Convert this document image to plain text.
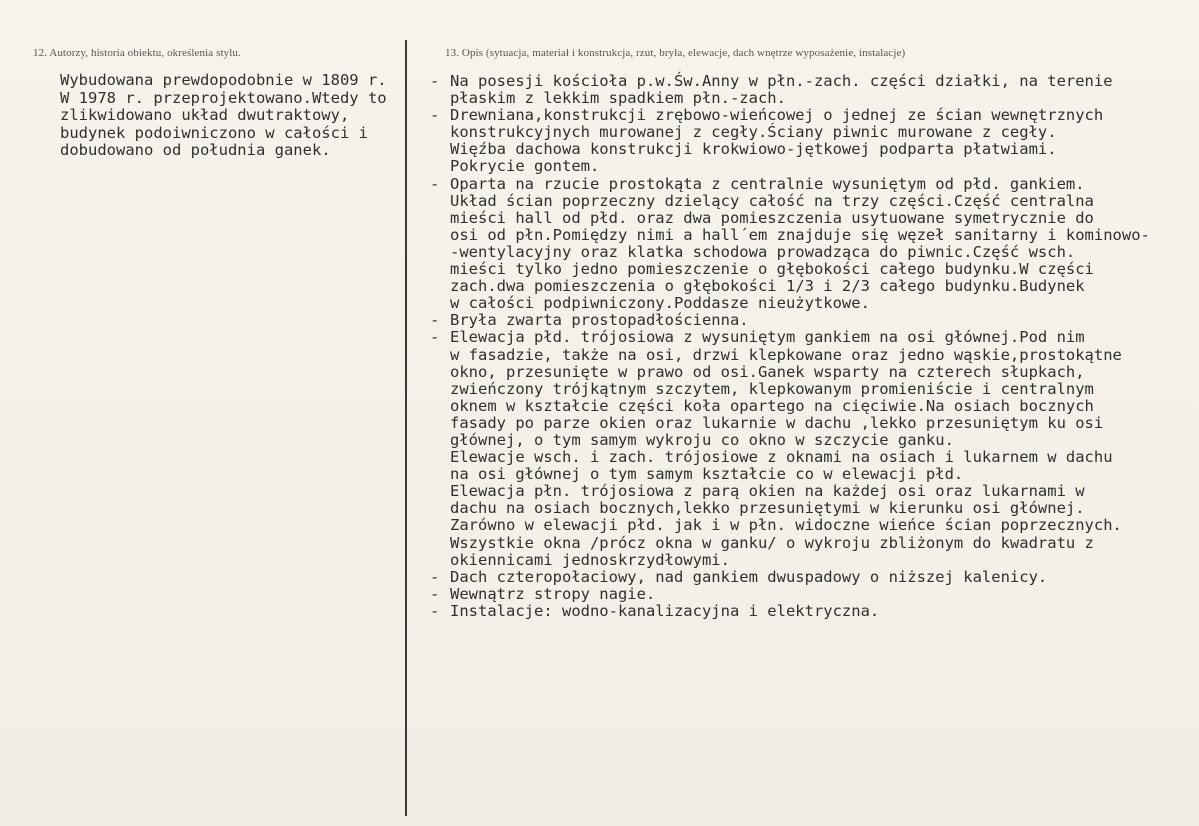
12. Autorzy, historia obiektu, określenia stylu.	13. Opis (sytuacja, materiał i konstrukcja, rzut, bryła, elewacje, dach wnętrze wyposażenie, instalacje)
Wybudowana prewdopodobnie w 1809 r.
W 1978 r. przeprojektowano.Wtedy to
zlikwidowano układ dwutraktowy,
budynek podoiwniczono w całości i
dobudowano od południa ganek.
- Na posesji kościoła p.w.Św.Anny w płn.-zach. części działki, na terenie
płaskim z lekkim spadkiem płn.-zach.
- Drewniana,konstrukcji zrębowo-wieńcowej o jednej ze ścian wewnętrznych
konstrukcyjnych murowanej z cegły.Ściany piwnic murowane z cegły.
Więźba dachowa konstrukcji krokwiowo-jętkowej podparta płatwiami.
Pokrycie gontem.
- Oparta na rzucie prostokąta z centralnie wysuniętym od płd. gankiem.
Układ ścian poprzeczny dzielący całość na trzy części.Część centralna
mieści hall od płd. oraz dwa pomieszczenia usytuowane symetrycznie do
osi od płn.Pomiędzy nimi a hall´em znajduje się węzeł sanitarny i kominowo-
-wentylacyjny oraz klatka schodowa prowadząca do piwnic.Część wsch.
mieści tylko jedno pomieszczenie o głębokości całego budynku.W części
zach.dwa pomieszczenia o głębokości 1/3 i 2/3 całego budynku.Budynek
w całości podpiwniczony.Poddasze nieużytkowe.
- Bryła zwarta prostopadłościenna.
- Elewacja płd. trójosiowa z wysuniętym gankiem na osi głównej.Pod nim
w fasadzie, także na osi, drzwi klepkowane oraz jedno wąskie,prostokątne
okno, przesunięte w prawo od osi.Ganek wsparty na czterech słupkach,
zwieńczony trójkątnym szczytem, klepkowanym promieniście i centralnym
oknem w kształcie części koła opartego na cięciwie.Na osiach bocznych
fasady po parze okien oraz lukarnie w dachu ,lekko przesuniętym ku osi
głównej, o tym samym wykroju co okno w szczycie ganku.
Elewacje wsch. i zach. trójosiowe z oknami na osiach i lukarnem w dachu
na osi głównej o tym samym kształcie co w elewacji płd.
Elewacja płn. trójosiowa z parą okien na każdej osi oraz lukarnami w
dachu na osiach bocznych,lekko przesuniętymi w kierunku osi głównej.
Zarówno w elewacji płd. jak i w płn. widoczne wieńce ścian poprzecznych.
Wszystkie okna /prócz okna w ganku/ o wykroju zbliżonym do kwadratu z
okiennicami jednoskrzydłowymi.
- Dach czteropołaciowy, nad gankiem dwuspadowy o niższej kalenicy.
- Wewnątrz stropy nagie.
- Instalacje: wodno-kanalizacyjna i elektryczna.
